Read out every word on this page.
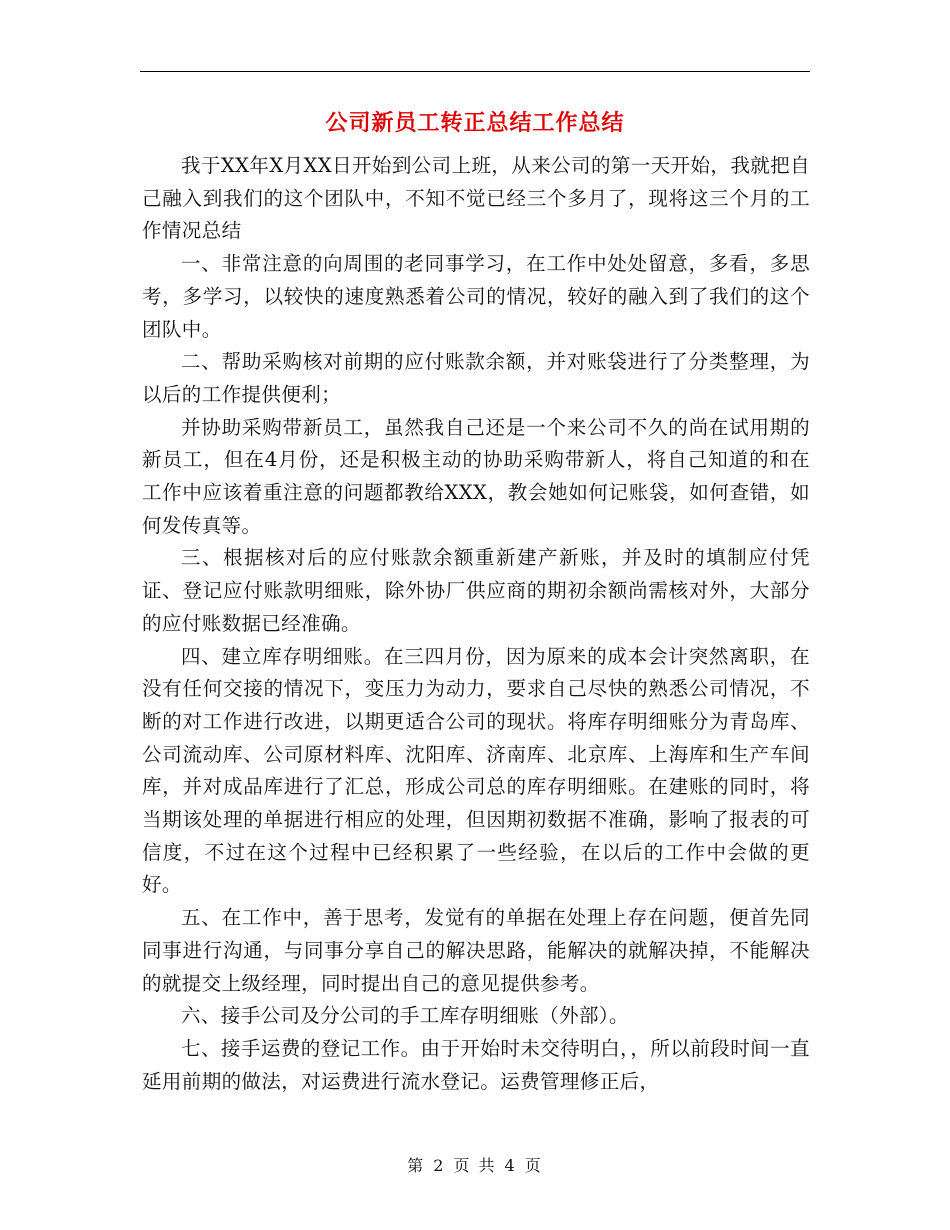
公司新员工转正总结工作总结

我于XX年X月XX日开始到公司上班，从来公司的第一天开始，我就把自己融入到我们的这个团队中，不知不觉已经三个多月了，现将这三个月的工作情况总结

一、非常注意的向周围的老同事学习，在工作中处处留意，多看，多思考，多学习，以较快的速度熟悉着公司的情况，较好的融入到了我们的这个团队中。

二、帮助采购核对前期的应付账款余额，并对账袋进行了分类整理，为以后的工作提供便利；

并协助采购带新员工，虽然我自己还是一个来公司不久的尚在试用期的新员工，但在4月份，还是积极主动的协助采购带新人，将自己知道的和在工作中应该着重注意的问题都教给XXX，教会她如何记账袋，如何查错，如何发传真等。

三、根据核对后的应付账款余额重新建产新账，并及时的填制应付凭证、登记应付账款明细账，除外协厂供应商的期初余额尚需核对外，大部分的应付账数据已经准确。

四、建立库存明细账。在三四月份，因为原来的成本会计突然离职，在没有任何交接的情况下，变压力为动力，要求自己尽快的熟悉公司情况，不断的对工作进行改进，以期更适合公司的现状。将库存明细账分为青岛库、公司流动库、公司原材料库、沈阳库、济南库、北京库、上海库和生产车间库，并对成品库进行了汇总，形成公司总的库存明细账。在建账的同时，将当期该处理的单据进行相应的处理，但因期初数据不准确，影响了报表的可信度，不过在这个过程中已经积累了一些经验，在以后的工作中会做的更好。

五、在工作中，善于思考，发觉有的单据在处理上存在问题，便首先同同事进行沟通，与同事分享自己的解决思路，能解决的就解决掉，不能解决的就提交上级经理，同时提出自己的意见提供参考。

六、接手公司及分公司的手工库存明细账（外部）。

七、接手运费的登记工作。由于开始时未交待明白，，所以前段时间一直延用前期的做法，对运费进行流水登记。运费管理修正后，

第 2 页 共 4 页
